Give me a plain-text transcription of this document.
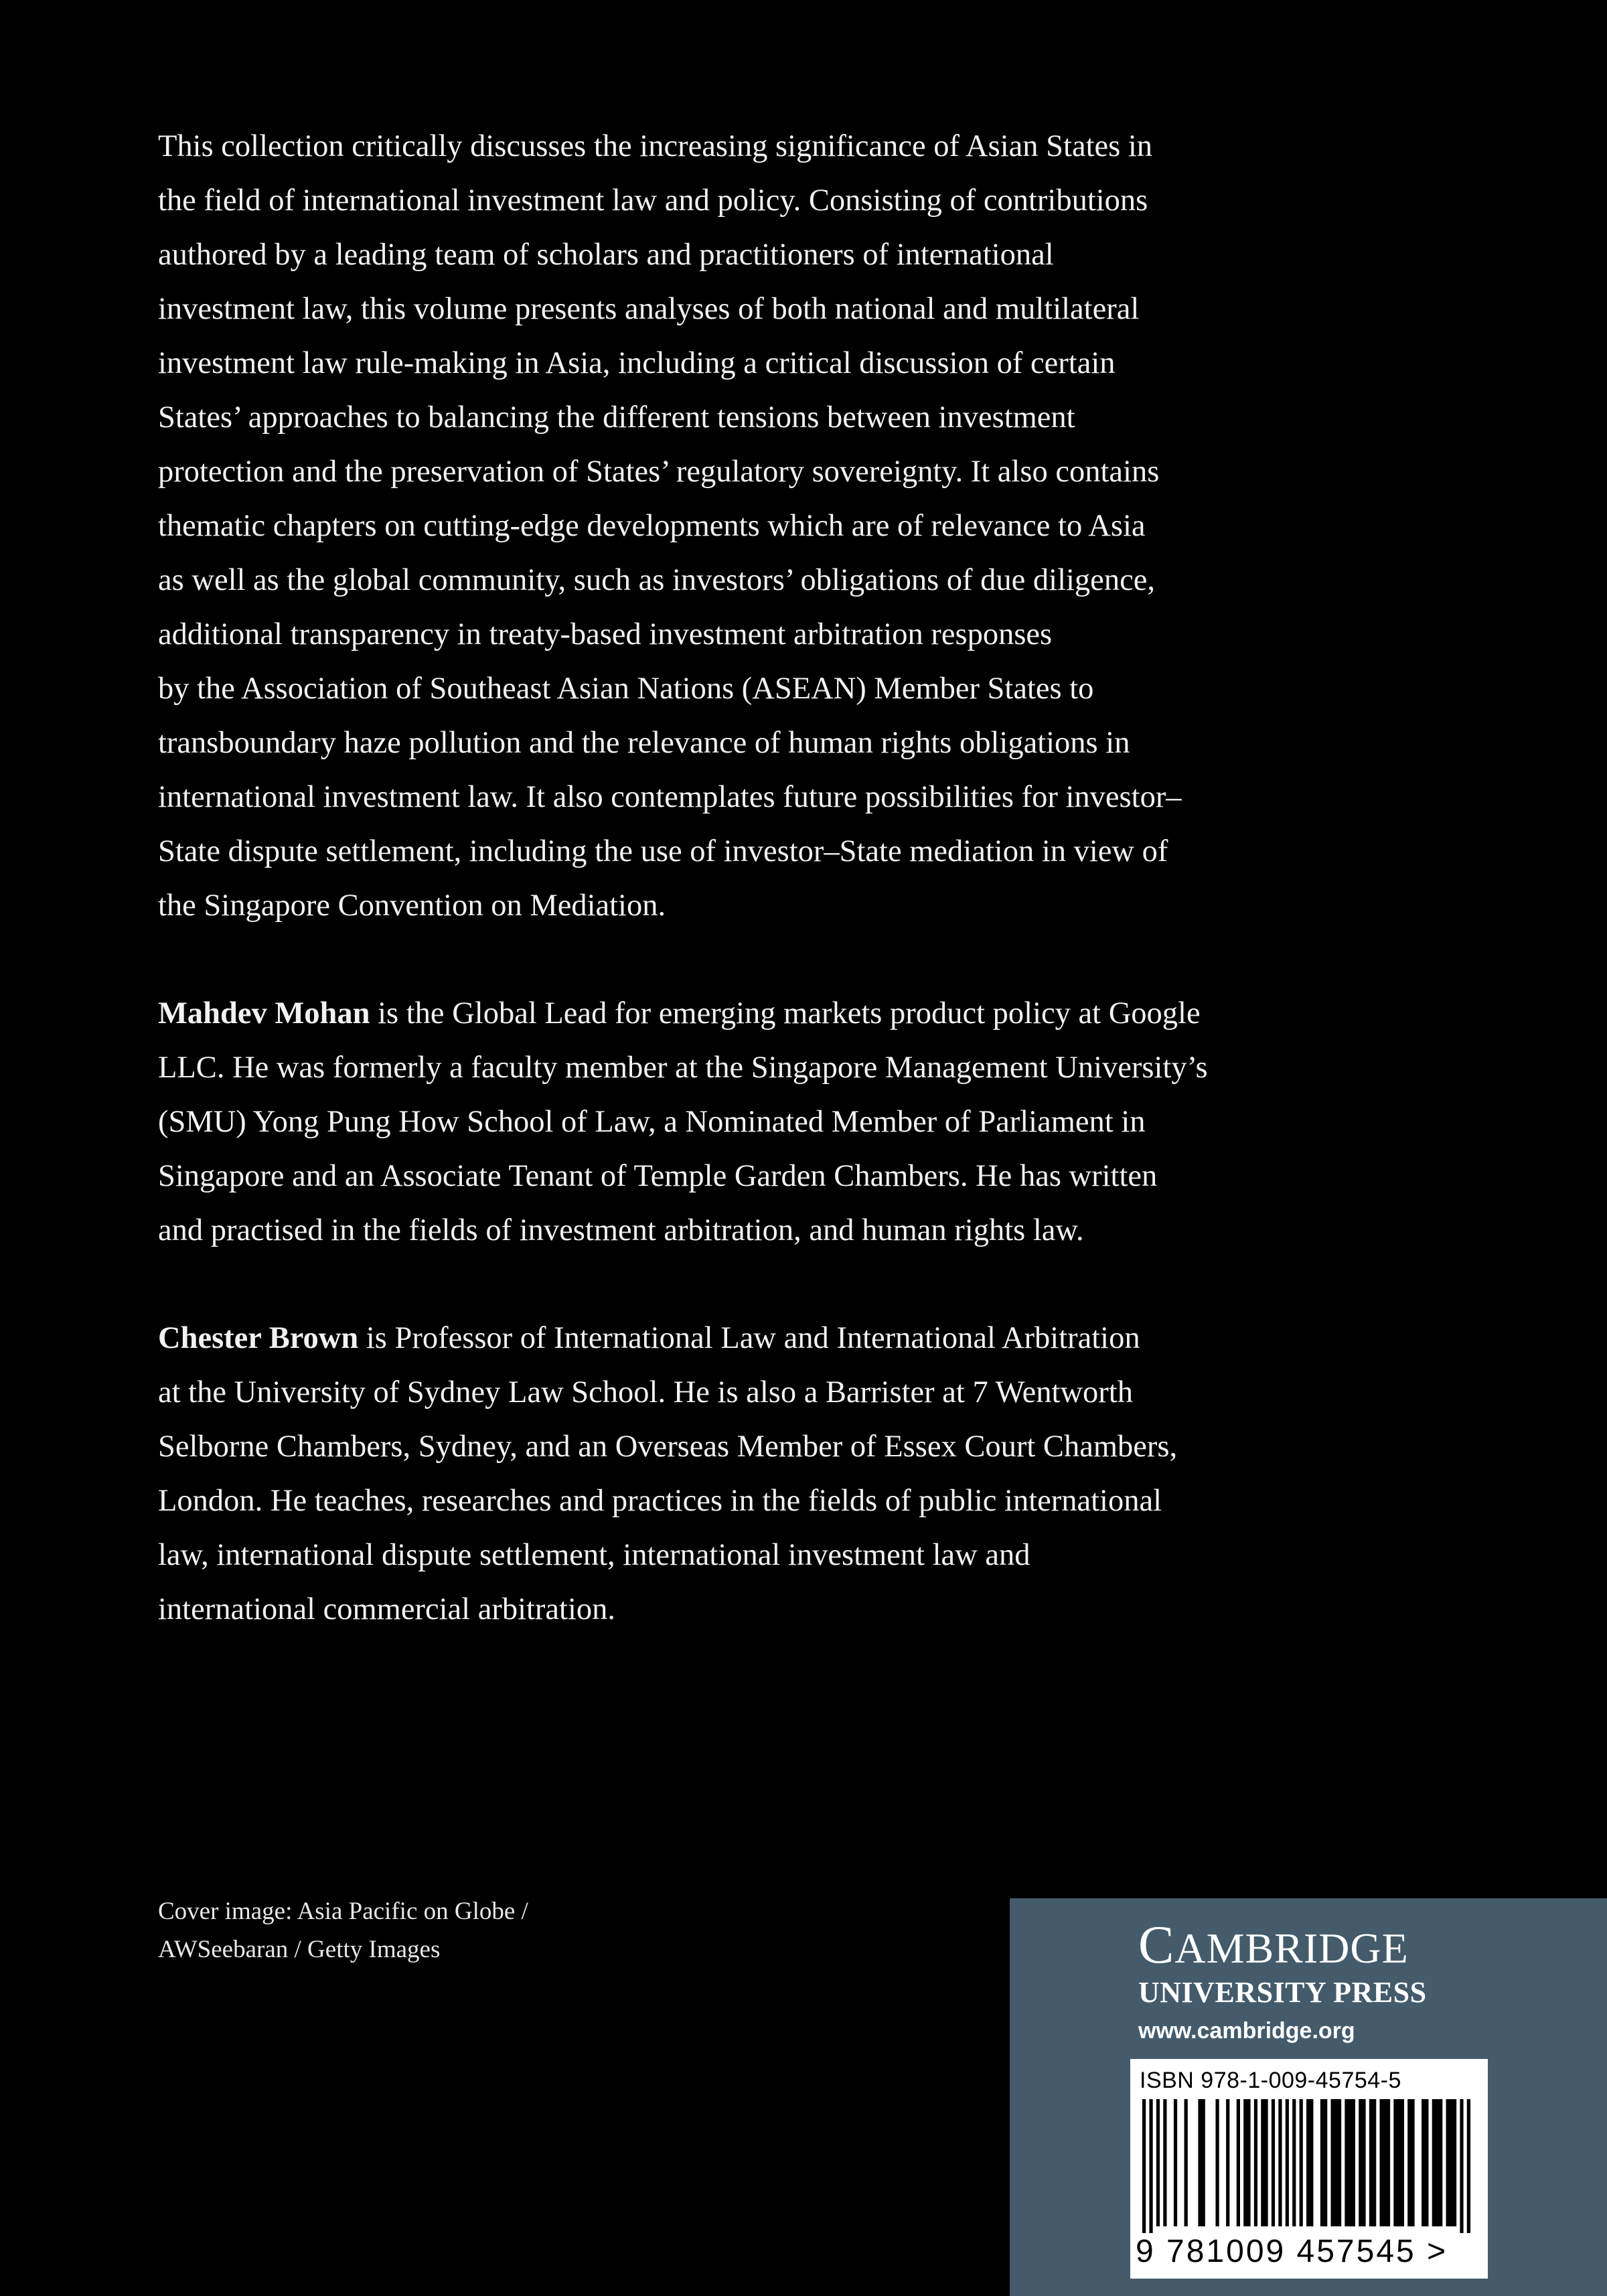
This collection critically discusses the increasing significance of Asian States in
the field of international investment law and policy. Consisting of contributions
authored by a leading team of scholars and practitioners of international
investment law, this volume presents analyses of both national and multilateral
investment law rule-making in Asia, including a critical discussion of certain
States’ approaches to balancing the different tensions between investment
protection and the preservation of States’ regulatory sovereignty. It also contains
thematic chapters on cutting-edge developments which are of relevance to Asia
as well as the global community, such as investors’ obligations of due diligence,
additional transparency in treaty-based investment arbitration responses
by the Association of Southeast Asian Nations (ASEAN) Member States to
transboundary haze pollution and the relevance of human rights obligations in
international investment law. It also contemplates future possibilities for investor–
State dispute settlement, including the use of investor–State mediation in view of
the Singapore Convention on Mediation.

Mahdev Mohan is the Global Lead for emerging markets product policy at Google
LLC. He was formerly a faculty member at the Singapore Management University’s
(SMU) Yong Pung How School of Law, a Nominated Member of Parliament in
Singapore and an Associate Tenant of Temple Garden Chambers. He has written
and practised in the fields of investment arbitration, and human rights law.

Chester Brown is Professor of International Law and International Arbitration
at the University of Sydney Law School. He is also a Barrister at 7 Wentworth
Selborne Chambers, Sydney, and an Overseas Member of Essex Court Chambers,
London. He teaches, researches and practices in the fields of public international
law, international dispute settlement, international investment law and
international commercial arbitration.

Cover image: Asia Pacific on Globe /
AWSeebaran / Getty Images	CAMBRIDGE
UNIVERSITY PRESS
www.cambridge.org
ISBN 978-1-009-45754-5
9 781009 457545 >
